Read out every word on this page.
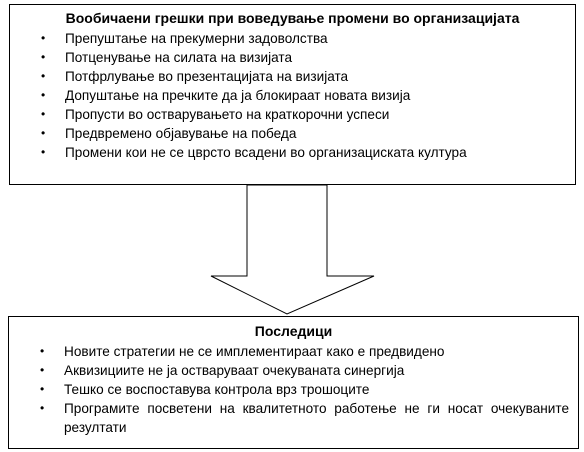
Вообичаени грешки при воведување промени во организацијата
• Препуштање на прекумерни задоволства
• Потценување на силата на визијата
• Потфрлување во презентацијата на визијата
• Допуштање на пречките да ја блокираат новата визија
• Пропусти во остварувањето на краткорочни успеси
• Предвремено објавување на победа
• Промени кои не се цврсто всадени во организациската култура
Последици
• Новите стратегии не се имплементираат како е предвидено
• Аквизициите не ја остваруваат очекуваната синергија
• Тешко се воспоставува контрола врз трошоците
• Програмите посветени на квалитетното работење не ги носат очекуваните резултати
